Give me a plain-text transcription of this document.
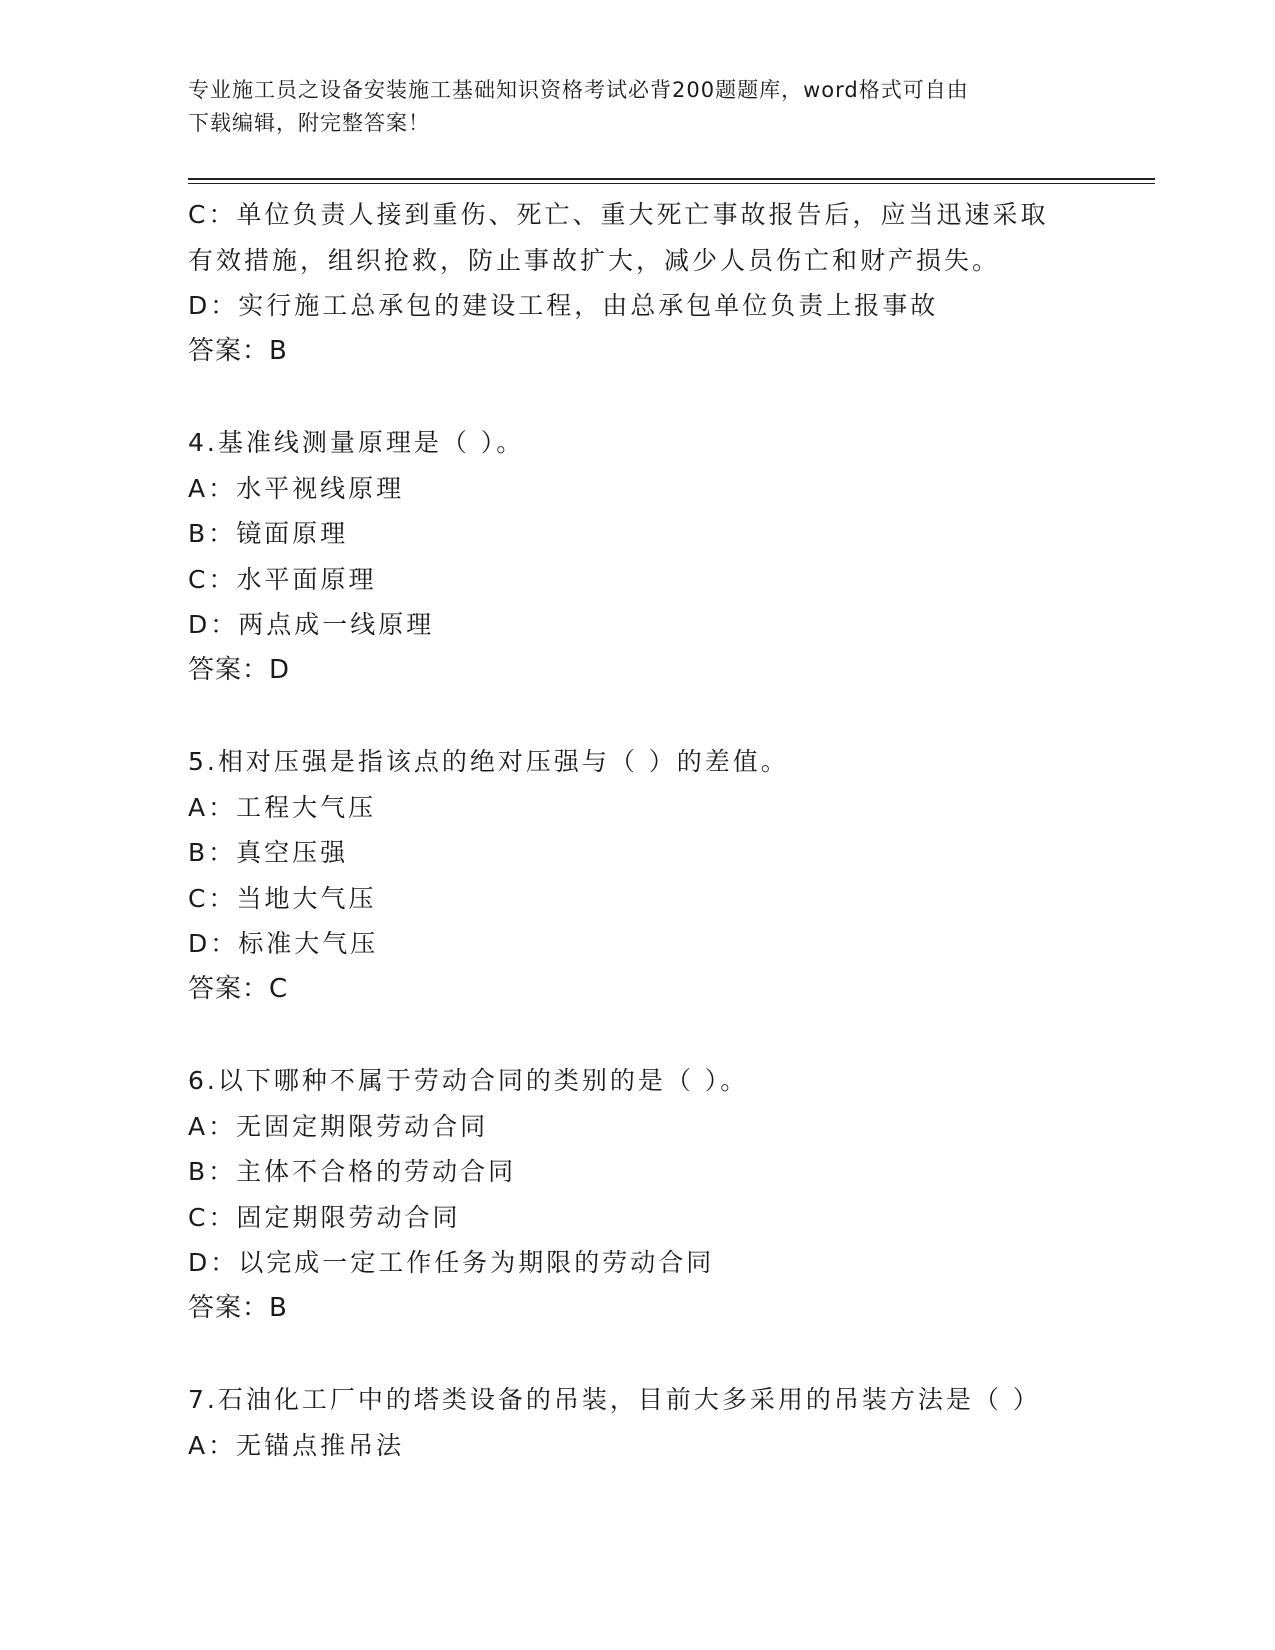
专业施工员之设备安装施工基础知识资格考试必背200题题库，word格式可自由
下载编辑，附完整答案！
C：单位负责人接到重伤、死亡、重大死亡事故报告后，应当迅速采取
有效措施，组织抢救，防止事故扩大，减少人员伤亡和财产损失。
D：实行施工总承包的建设工程，由总承包单位负责上报事故
答案：B
4.基准线测量原理是（ ）。
A：水平视线原理
B：镜面原理
C：水平面原理
D：两点成一线原理
答案：D
5.相对压强是指该点的绝对压强与（ ）的差值。
A：工程大气压
B：真空压强
C：当地大气压
D：标准大气压
答案：C
6.以下哪种不属于劳动合同的类别的是（ ）。
A：无固定期限劳动合同
B：主体不合格的劳动合同
C：固定期限劳动合同
D：以完成一定工作任务为期限的劳动合同
答案：B
7.石油化工厂中的塔类设备的吊装，目前大多采用的吊装方法是（ ）
A：无锚点推吊法
